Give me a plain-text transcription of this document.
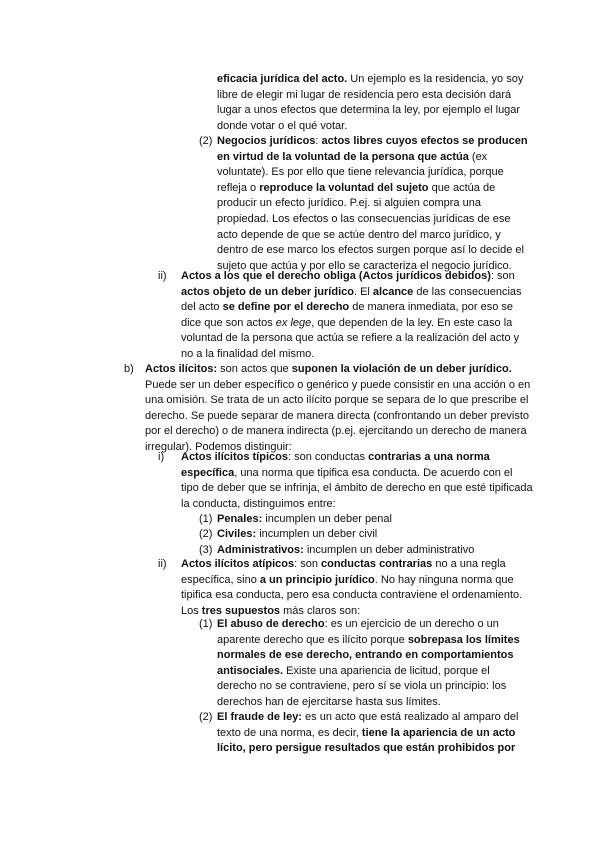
eficacia jurídica del acto. Un ejemplo es la residencia, yo soy libre de elegir mi lugar de residencia pero esta decisión dará lugar a unos efectos que determina la ley, por ejemplo el lugar donde votar o el qué votar.

(2) Negocios jurídicos: actos libres cuyos efectos se producen en virtud de la voluntad de la persona que actúa (ex voluntate). Es por ello que tiene relevancia jurídica, porque refleja o reproduce la voluntad del sujeto que actúa de producir un efecto jurídico. P.ej. si alguien compra una propiedad. Los efectos o las consecuencias jurídicas de ese acto depende de que se actúe dentro del marco jurídico, y dentro de ese marco los efectos surgen porque así lo decide el sujeto que actúa y por ello se caracteriza el negocio jurídico.

ii) Actos a los que el derecho obliga (Actos jurídicos debidos): son actos objeto de un deber jurídico. El alcance de las consecuencias del acto se define por el derecho de manera inmediata, por eso se dice que son actos ex lege, que dependen de la ley. En este caso la voluntad de la persona que actúa se refiere a la realización del acto y no a la finalidad del mismo.

b) Actos ilícitos: son actos que suponen la violación de un deber jurídico. Puede ser un deber específico o genérico y puede consistir en una acción o en una omisión. Se trata de un acto ilícito porque se separa de lo que prescribe el derecho. Se puede separar de manera directa (confrontando un deber previsto por el derecho) o de manera indirecta (p.ej. ejercitando un derecho de manera irregular). Podemos distinguir:

i) Actos ilícitos típicos: son conductas contrarias a una norma específica, una norma que tipifica esa conducta. De acuerdo con el tipo de deber que se infrinja, el ámbito de derecho en que esté tipificada la conducta, distinguimos entre:

(1) Penales: incumplen un deber penal

(2) Civiles: incumplen un deber civil

(3) Administrativos: incumplen un deber administrativo

ii) Actos ilícitos atípicos: son conductas contrarias no a una regla específica, sino a un principio jurídico. No hay ninguna norma que tipifica esa conducta, pero esa conducta contraviene el ordenamiento. Los tres supuestos más claros son:

(1) El abuso de derecho: es un ejercicio de un derecho o un aparente derecho que es ilícito porque sobrepasa los límites normales de ese derecho, entrando en comportamientos antisociales. Existe una apariencia de licitud, porque el derecho no se contraviene, pero sí se viola un principio: los derechos han de ejercitarse hasta sus límites.

(2) El fraude de ley: es un acto que está realizado al amparo del texto de una norma, es decir, tiene la apariencia de un acto lícito, pero persigue resultados que están prohibidos por
